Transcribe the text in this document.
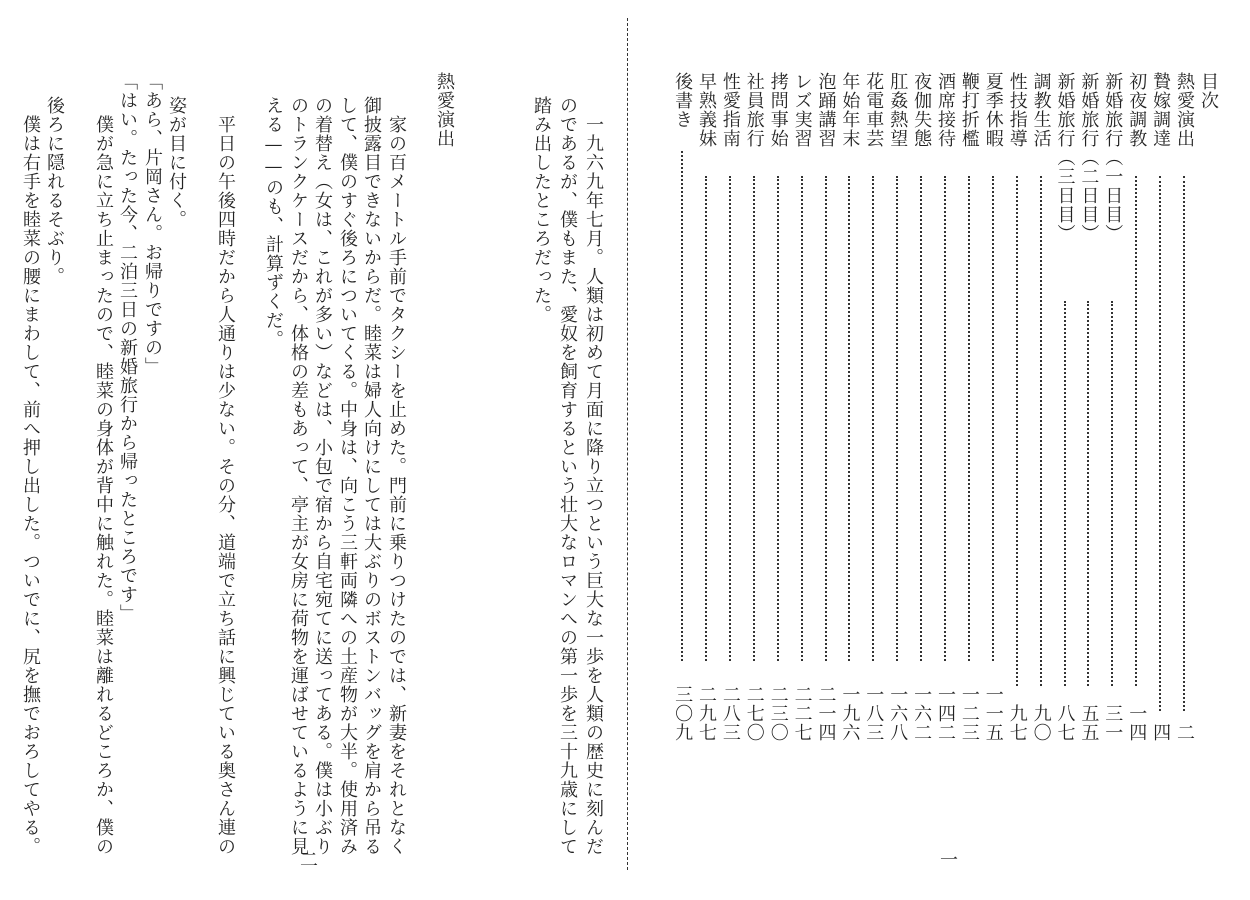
目次
熱愛演出
二
贄嫁調達
四
初夜調教
一四
新婚旅行（一日目）
三一
新婚旅行（二日目）
五五
新婚旅行（三日目）
八七
調教生活
九〇
性技指導
九七
夏季休暇
一一五
鞭打折檻
一二三
酒席接待
一四二
夜伽失態
一六二
肛姦熱望
一六八
花電車芸
一八三
年始年末
一九六
泡踊講習
二一四
レズ実習
二二七
拷問事始
二三〇
社員旅行
二七〇
性愛指南
二八三
早熟義妹
二九七
後書き
三〇九
一
　一九六九年七月。人類は初めて月面に降り立つという巨大な一歩を人類の歴史に刻んだ
のであるが、僕もまた、愛奴を飼育するという壮大なロマンへの第一歩を三十九歳にして
踏み出したところだった。
熱愛演出
　家の百メートル手前でタクシーを止めた。門前に乗りつけたのでは、新妻をそれとなく
御披露目できないからだ。睦菜は婦人向けにしては大ぶりのボストンバッグを肩から吊る
して、僕のすぐ後ろについてくる。中身は、向こう三軒両隣への土産物が大半。使用済み
の着替え（女は、これが多い）などは、小包で宿から自宅宛てに送ってある。僕は小ぶり
のトランクケースだから、体格の差もあって、亭主が女房に荷物を運ばせているように見
える——のも、計算ずくだ。
　平日の午後四時だから人通りは少ない。その分、道端で立ち話に興じている奥さん連の
姿が目に付く。
「あら、片岡さん。お帰りですの」
「はい。たった今、二泊三日の新婚旅行から帰ったところです」
　僕が急に立ち止まったので、睦菜の身体が背中に触れた。睦菜は離れるどころか、僕の
後ろに隠れるそぶり。
　僕は右手を睦菜の腰にまわして、前へ押し出した。ついでに、尻を撫でおろしてやる。
二
